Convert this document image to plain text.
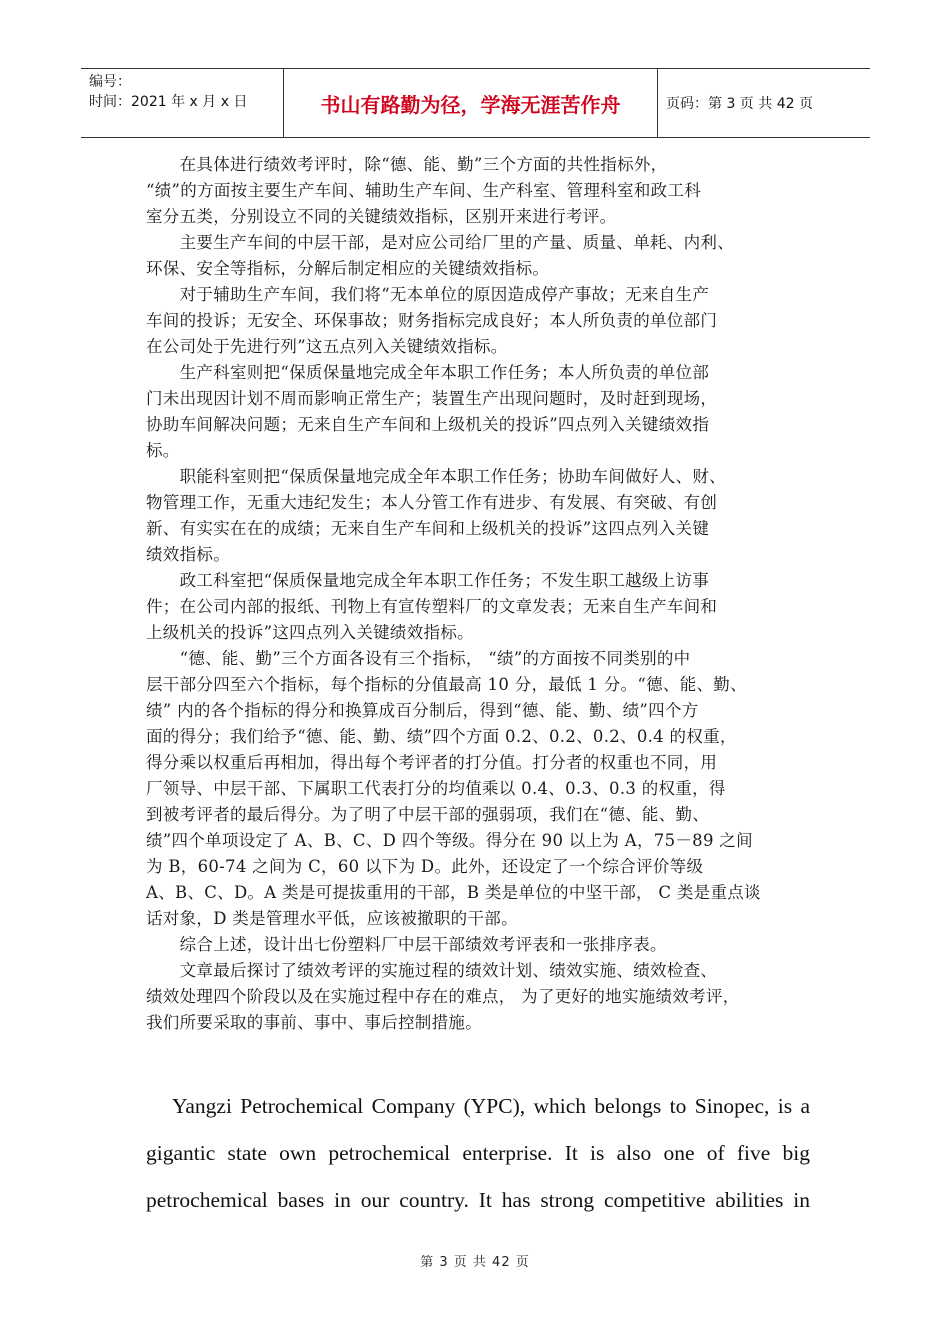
编号：
时间：2021 年 x 月 x 日	书山有路勤为径，学海无涯苦作舟	页码：第 3 页 共 42 页

　　在具体进行绩效考评时，除“德、能、勤”三个方面的共性指标外，

“绩”的方面按主要生产车间、辅助生产车间、生产科室、管理科室和政工科

室分五类，分别设立不同的关键绩效指标，区别开来进行考评。

　　主要生产车间的中层干部，是对应公司给厂里的产量、质量、单耗、内利、

环保、安全等指标，分解后制定相应的关键绩效指标。

　　对于辅助生产车间，我们将“无本单位的原因造成停产事故；无来自生产

车间的投诉；无安全、环保事故；财务指标完成良好；本人所负责的单位部门

在公司处于先进行列”这五点列入关键绩效指标。

　　生产科室则把“保质保量地完成全年本职工作任务；本人所负责的单位部

门未出现因计划不周而影响正常生产；装置生产出现问题时，及时赶到现场，

协助车间解决问题；无来自生产车间和上级机关的投诉”四点列入关键绩效指

标。

　　职能科室则把“保质保量地完成全年本职工作任务；协助车间做好人、财、

物管理工作，无重大违纪发生；本人分管工作有进步、有发展、有突破、有创

新、有实实在在的成绩；无来自生产车间和上级机关的投诉”这四点列入关键

绩效指标。

　　政工科室把“保质保量地完成全年本职工作任务；不发生职工越级上访事

件；在公司内部的报纸、刊物上有宣传塑料厂的文章发表；无来自生产车间和

上级机关的投诉”这四点列入关键绩效指标。

　　“德、能、勤”三个方面各设有三个指标， “绩”的方面按不同类别的中

层干部分四至六个指标，每个指标的分值最高 10 分，最低 1 分。“德、能、勤、

绩” 内的各个指标的得分和换算成百分制后，得到“德、能、勤、绩”四个方

面的得分；我们给予“德、能、勤、绩”四个方面 0.2、0.2、0.2、0.4 的权重，

得分乘以权重后再相加，得出每个考评者的打分值。打分者的权重也不同，用

厂领导、中层干部、下属职工代表打分的均值乘以 0.4、0.3、0.3 的权重，得

到被考评者的最后得分。为了明了中层干部的强弱项，我们在“德、能、勤、

绩”四个单项设定了 A、B、C、D 四个等级。得分在 90 以上为 A，75－89 之间

为 B，60-74 之间为 C，60 以下为 D。此外，还设定了一个综合评价等级

A、B、C、D。A 类是可提拔重用的干部，B 类是单位的中坚干部， C 类是重点谈

话对象，D 类是管理水平低，应该被撤职的干部。

　　综合上述，设计出七份塑料厂中层干部绩效考评表和一张排序表。

　　文章最后探讨了绩效考评的实施过程的绩效计划、绩效实施、绩效检查、

绩效处理四个阶段以及在实施过程中存在的难点， 为了更好的地实施绩效考评，

我们所要采取的事前、事中、事后控制措施。

Yangzi Petrochemical Company (YPC), which belongs to Sinopec, is a

gigantic state own petrochemical enterprise. It is also one of five big

petrochemical bases in our country. It has strong competitive abilities in

第 3 页 共 42 页
